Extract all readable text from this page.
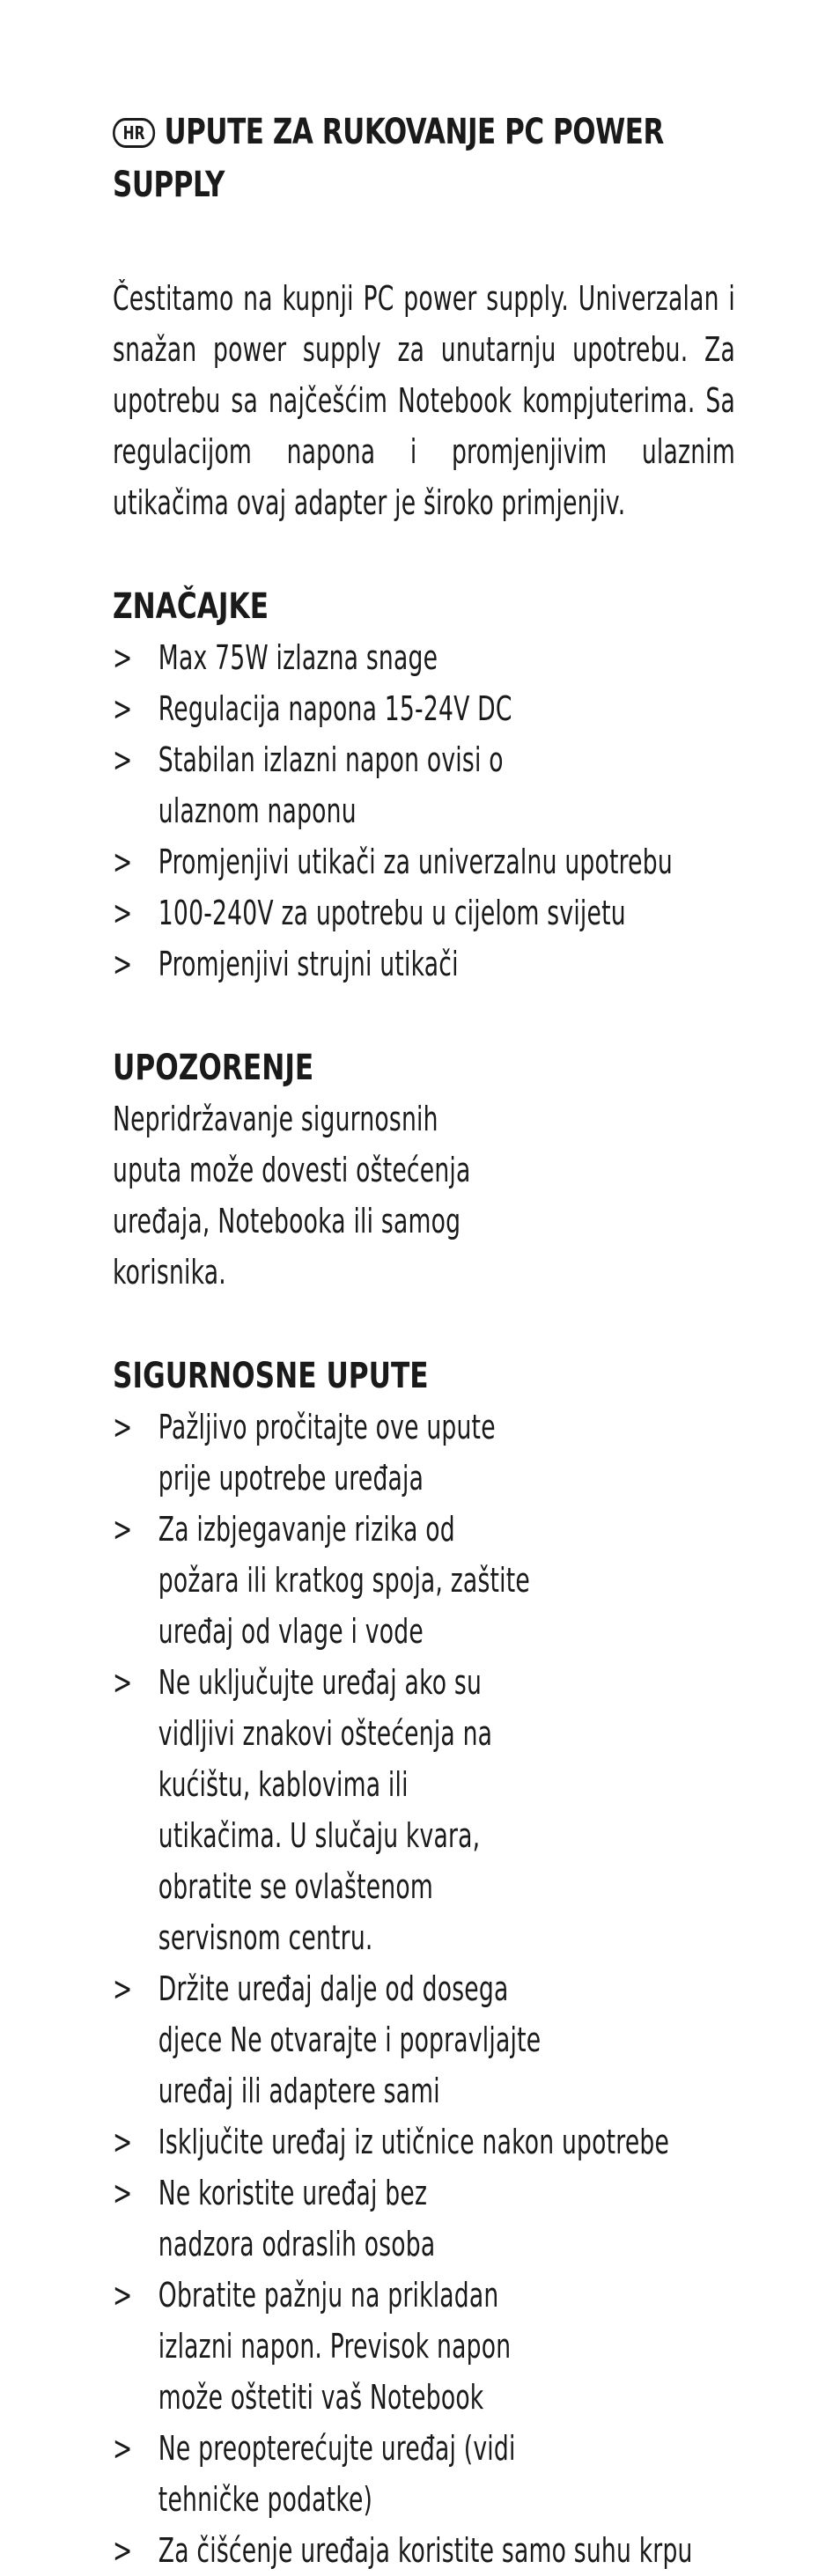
HR UPUTE ZA RUKOVANJE PC POWER SUPPLY
Čestitamo na kupnji PC power supply. Univerzalan i snažan power supply za unutarnju upotrebu. Za upotrebu sa najčešćim Notebook kompjuterima. Sa regulacijom napona i promjenjivim ulaznim utikačima ovaj adapter je široko primjenjiv.
ZNAČAJKE
> Max 75W izlazna snage
> Regulacija napona 15-24V DC
> Stabilan izlazni napon ovisi o ulaznom naponu
> Promjenjivi utikači za univerzalnu upotrebu
> 100-240V za upotrebu u cijelom svijetu
> Promjenjivi strujni utikači
UPOZORENJE
Nepridržavanje sigurnosnih uputa može dovesti oštećenja uređaja, Notebooka ili samog korisnika.
SIGURNOSNE UPUTE
> Pažljivo pročitajte ove upute prije upotrebe uređaja
> Za izbjegavanje rizika od požara ili kratkog spoja, zaštite uređaj od vlage i vode
> Ne uključujte uređaj ako su vidljivi znakovi oštećenja na kućištu, kablovima ili utikačima. U slučaju kvara, obratite se ovlaštenom servisnom centru.
> Držite uređaj dalje od dosega djece Ne otvarajte i popravljajte uređaj ili adaptere sami
> Isključite uređaj iz utičnice nakon upotrebe
> Ne koristite uređaj bez nadzora odraslih osoba
> Obratite pažnju na prikladan izlazni napon. Previsok napon može oštetiti vaš Notebook
> Ne preopterećujte uređaj (vidi tehničke podatke)
> Za čišćenje uređaja koristite samo suhu krpu
